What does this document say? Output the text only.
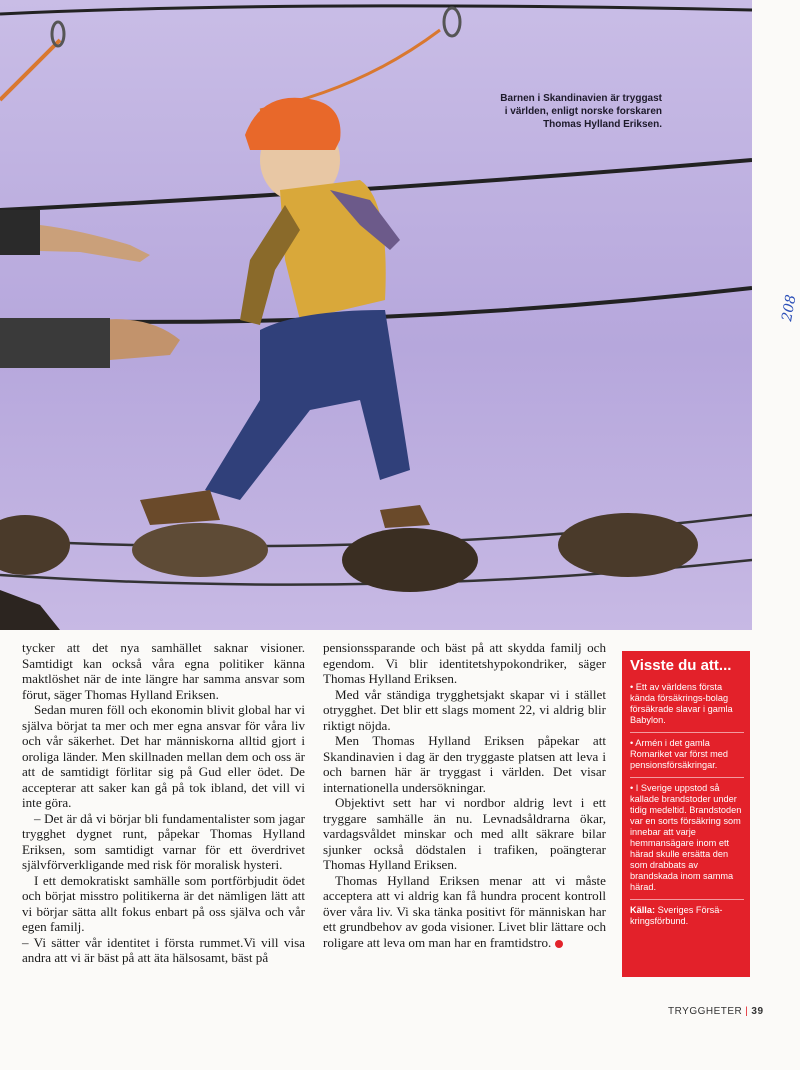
Barnen i Skandinavien är tryggast
i världen, enligt norske forskaren
Thomas Hylland Eriksen.

tycker att det nya samhället saknar visioner. Samtidigt kan också våra egna politiker känna maktlöshet när de inte längre har samma ansvar som förut, säger Thomas Hylland Eriksen.

Sedan muren föll och ekonomin blivit global har vi själva börjat ta mer och mer egna ansvar för våra liv och vår säkerhet. Det har människorna alltid gjort i oroliga länder. Men skillnaden mellan dem och oss är att de samtidigt förlitar sig på Gud eller ödet. De accepterar att saker kan gå på tok ibland, det vill vi inte göra.

– Det är då vi börjar bli fundamentalister som jagar trygghet dygnet runt, påpekar Thomas Hylland Eriksen, som samtidigt varnar för ett överdrivet självförverkligande med risk för moralisk hysteri.

I ett demokratiskt samhälle som portförbjudit ödet och börjat misstro politikerna är det nämligen lätt att vi börjar sätta allt fokus enbart på oss själva och vår egen familj.

– Vi sätter vår identitet i första rummet.Vi vill visa andra att vi är bäst på att äta hälsosamt, bäst på

pensionssparande och bäst på att skydda familj och egendom. Vi blir identitetshypokondriker, säger Thomas Hylland Eriksen.

Med vår ständiga trygghetsjakt skapar vi i stället otrygghet. Det blir ett slags moment 22, vi aldrig blir riktigt nöjda.

Men Thomas Hylland Eriksen påpekar att Skandinavien i dag är den tryggaste platsen att leva i och barnen här är tryggast i världen. Det visar internationella undersökningar.

Objektivt sett har vi nordbor aldrig levt i ett tryggare samhälle än nu. Levnadsåldrarna ökar, vardagsvåldet minskar och med allt säkrare bilar sjunker också dödstalen i trafiken, poängterar Thomas Hylland Eriksen.

Thomas Hylland Eriksen menar att vi måste acceptera att vi aldrig kan få hundra procent kontroll över våra liv. Vi ska tänka positivt för människan har ett grundbehov av goda visioner. Livet blir lättare och roligare att leva om man har en framtidstro.

Visste du att...
• Ett av världens första kända försäkrings-bolag försäkrade slavar i gamla Babylon.
• Armén i det gamla Romariket var först med pensionsförsäkringar.
• I Sverige uppstod så kallade brandstoder under tidig medeltid. Brandstoden var en sorts försäkring som innebar att varje hemmansägare inom ett härad skulle ersätta den som drabbats av brandskada inom samma härad.
Källa: Sveriges Försä-kringsförbund.
TRYGGHETER | 39
208
